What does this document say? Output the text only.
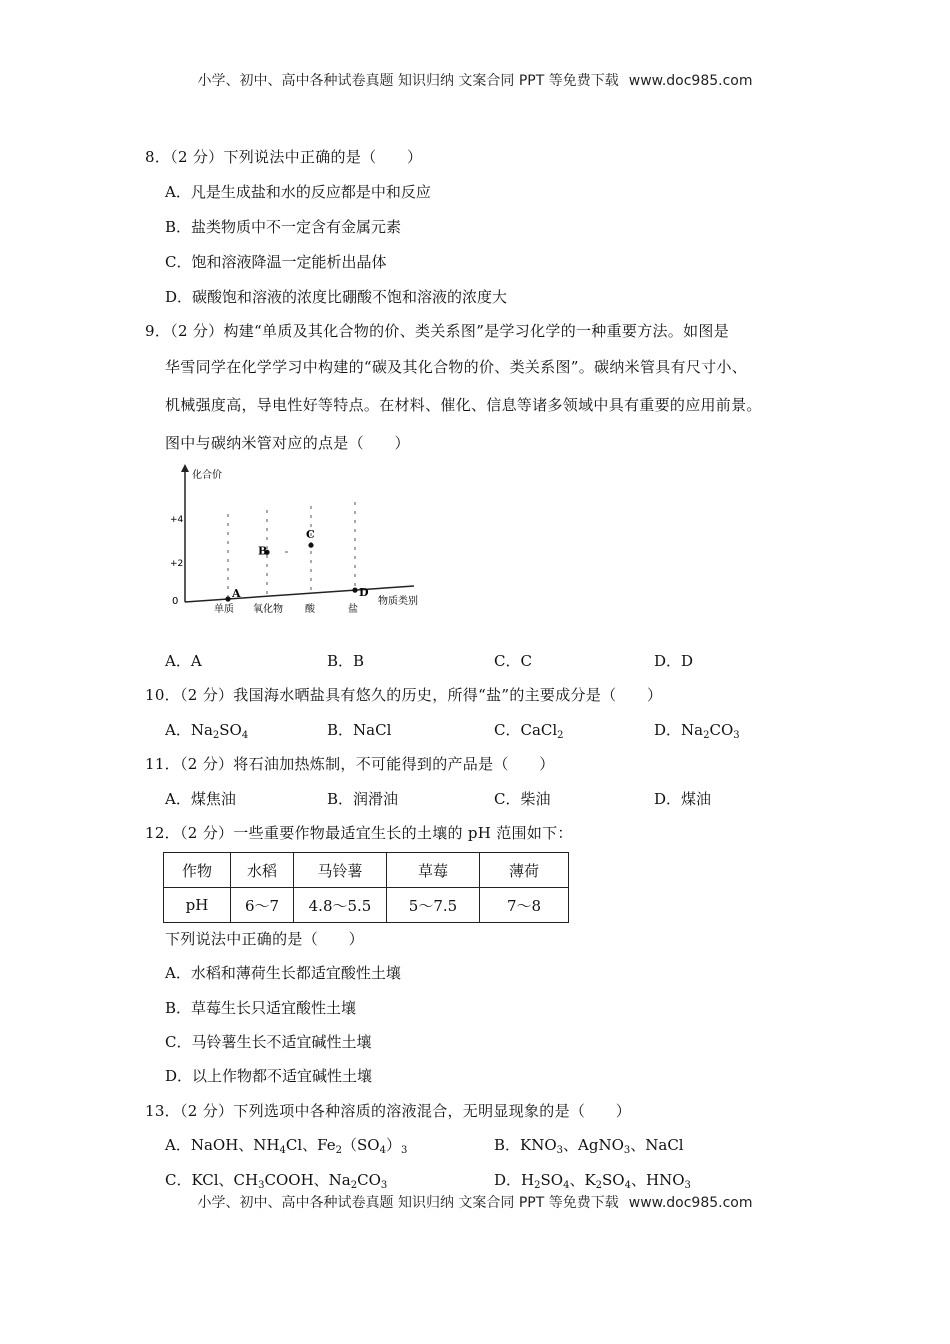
小学、初中、高中各种试卷真题 知识归纳 文案合同 PPT 等免费下载 www.doc985.com
8．（2 分）下列说法中正确的是（　　）
A．凡是生成盐和水的反应都是中和反应
B．盐类物质中不一定含有金属元素
C．饱和溶液降温一定能析出晶体
D．碳酸饱和溶液的浓度比硼酸不饱和溶液的浓度大
9．（2 分）构建“单质及其化合物的价、类关系图”是学习化学的一种重要方法。如图是
华雪同学在化学学习中构建的“碳及其化合物的价、类关系图”。碳纳米管具有尺寸小、
机械强度高，导电性好等特点。在材料、催化、信息等诸多领域中具有重要的应用前景。
图中与碳纳米管对应的点是（　　）
化合价
物质类别
+4
+2
0
A
B
C
D
单质 氧化物 酸	盐
A．A	B．B	C．C	D．D
10．（2 分）我国海水晒盐具有悠久的历史，所得“盐”的主要成分是（　　）
A．$Na_2SO_4$	B．NaCl	C．CaCl$_2$	D．$Na_2CO_3$
11．（2 分）将石油加热炼制，不可能得到的产品是（　　）
A．煤焦油	B．润滑油	C．柴油	D．煤油
12．（2 分）一些重要作物最适宜生长的土壤的 pH 范围如下：
作物	水稻	马铃薯	草莓	薄荷
pH	6～7	4.8～5.5	5～7.5	7～8
下列说法中正确的是（　　）
A．水稻和薄荷生长都适宜酸性土壤
B．草莓生长只适宜酸性土壤
C．马铃薯生长不适宜碱性土壤
D．以上作物都不适宜碱性土壤
13．（2 分）下列选项中各种溶质的溶液混合，无明显现象的是（　　）
A．NaOH、$NH_4Cl$、$Fe_2(SO_4)_3$	B．$KNO_3$、AgNO$_3$、NaCl
C．KCl、$CH_3COOH$、$Na_2CO_3$	D．$H_2SO_4$、$K_2SO_4$、$HNO_3$
小学、初中、高中各种试卷真题 知识归纳 文案合同 PPT 等免费下载 www.doc985.com
